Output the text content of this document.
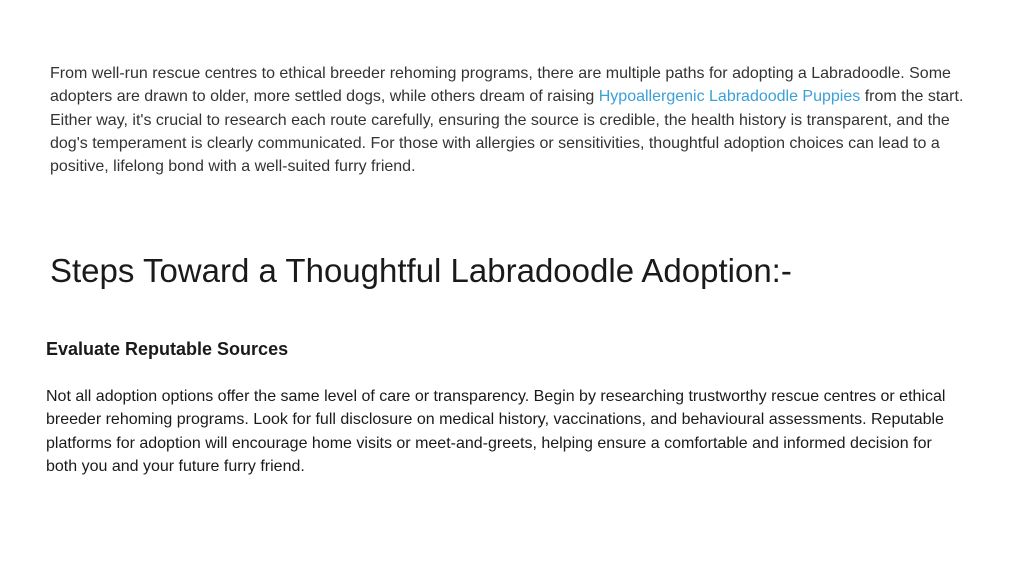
From well-run rescue centres to ethical breeder rehoming programs, there are multiple paths for adopting a Labradoodle. Some adopters are drawn to older, more settled dogs, while others dream of raising Hypoallergenic Labradoodle Puppies from the start. Either way, it's crucial to research each route carefully, ensuring the source is credible, the health history is transparent, and the dog's temperament is clearly communicated. For those with allergies or sensitivities, thoughtful adoption choices can lead to a positive, lifelong bond with a well-suited furry friend.

Steps Toward a Thoughtful Labradoodle Adoption:-
Evaluate Reputable Sources

Not all adoption options offer the same level of care or transparency. Begin by researching trustworthy rescue centres or ethical breeder rehoming programs. Look for full disclosure on medical history, vaccinations, and behavioural assessments. Reputable platforms for adoption will encourage home visits or meet-and-greets, helping ensure a comfortable and informed decision for both you and your future furry friend.
